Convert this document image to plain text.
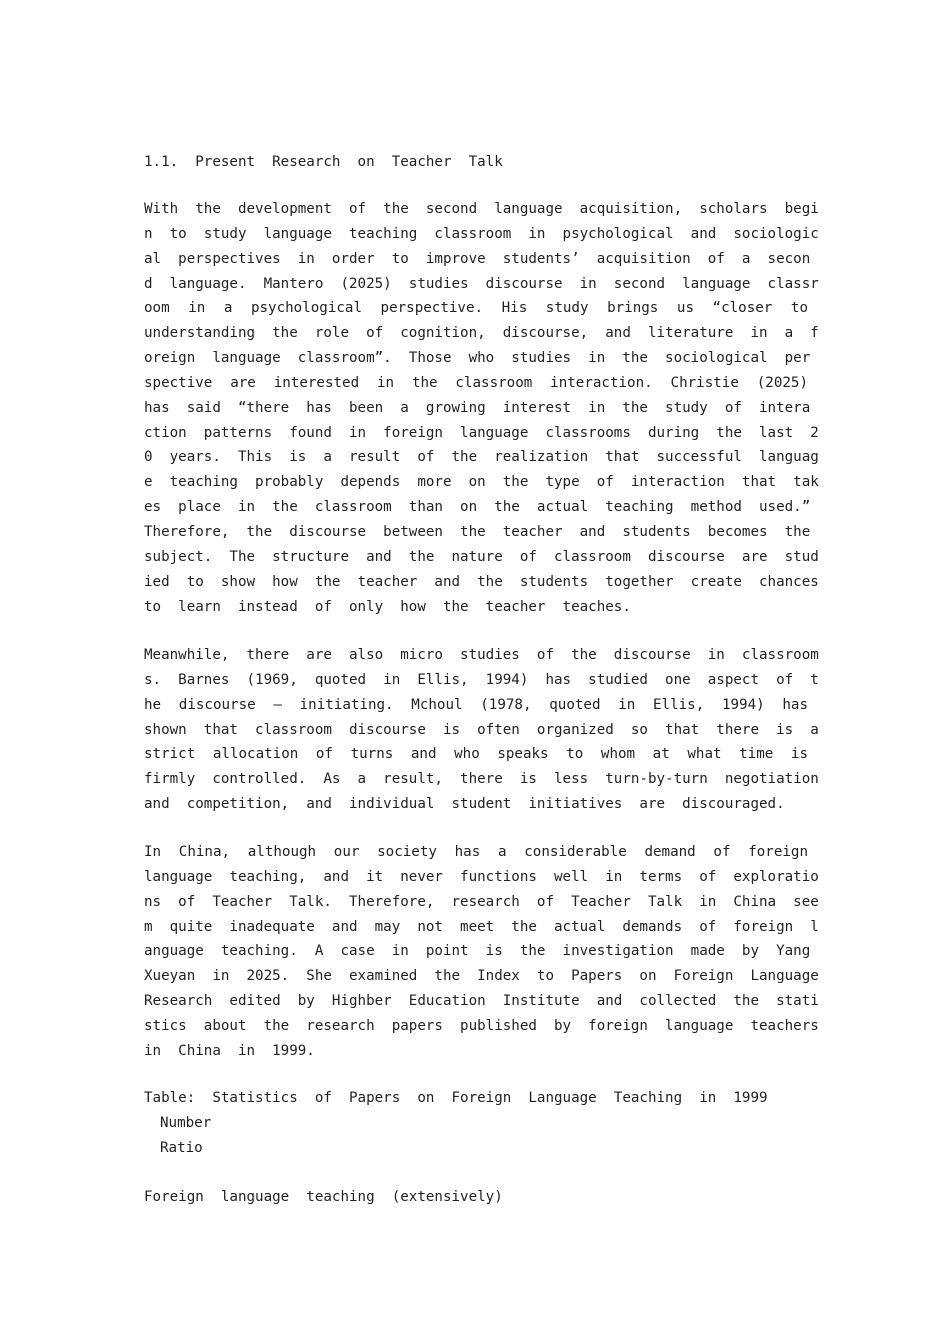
1.1.  Present  Research  on  Teacher  Talk
With  the  development  of  the  second  language  acquisition,  scholars  begi
n  to  study  language  teaching  classroom  in  psychological  and  sociologic
al  perspectives  in  order  to  improve  students’  acquisition  of  a  secon
d  language.  Mantero  (2025)  studies  discourse  in  second  language  classr
oom  in  a  psychological  perspective.  His  study  brings  us  “closer  to
understanding  the  role  of  cognition,  discourse,  and  literature  in  a  f
oreign  language  classroom”.  Those  who  studies  in  the  sociological  per
spective  are  interested  in  the  classroom  interaction.  Christie  (2025)
has  said  “there  has  been  a  growing  interest  in  the  study  of  intera
ction  patterns  found  in  foreign  language  classrooms  during  the  last  2
0  years.  This  is  a  result  of  the  realization  that  successful  languag
e  teaching  probably  depends  more  on  the  type  of  interaction  that  tak
es  place  in  the  classroom  than  on  the  actual  teaching  method  used.”
Therefore,  the  discourse  between  the  teacher  and  students  becomes  the
subject.  The  structure  and  the  nature  of  classroom  discourse  are  stud
ied  to  show  how  the  teacher  and  the  students  together  create  chances
to  learn  instead  of  only  how  the  teacher  teaches.
Meanwhile,  there  are  also  micro  studies  of  the  discourse  in  classroom
s.  Barnes  (1969,  quoted  in  Ellis,  1994)  has  studied  one  aspect  of  t
he  discourse  –  initiating.  Mchoul  (1978,  quoted  in  Ellis,  1994)  has
shown  that  classroom  discourse  is  often  organized  so  that  there  is  a
strict  allocation  of  turns  and  who  speaks  to  whom  at  what  time  is
firmly  controlled.  As  a  result,  there  is  less  turn-by-turn  negotiation
and  competition,  and  individual  student  initiatives  are  discouraged.
In  China,  although  our  society  has  a  considerable  demand  of  foreign
language  teaching,  and  it  never  functions  well  in  terms  of  exploratio
ns  of  Teacher  Talk.  Therefore,  research  of  Teacher  Talk  in  China  see
m  quite  inadequate  and  may  not  meet  the  actual  demands  of  foreign  l
anguage  teaching.  A  case  in  point  is  the  investigation  made  by  Yang
Xueyan  in  2025.  She  examined  the  Index  to  Papers  on  Foreign  Language
Research  edited  by  Highber  Education  Institute  and  collected  the  stati
stics  about  the  research  papers  published  by  foreign  language  teachers
in  China  in  1999.
Table:  Statistics  of  Papers  on  Foreign  Language  Teaching  in  1999
Number
Ratio
Foreign  language  teaching  (extensively)
